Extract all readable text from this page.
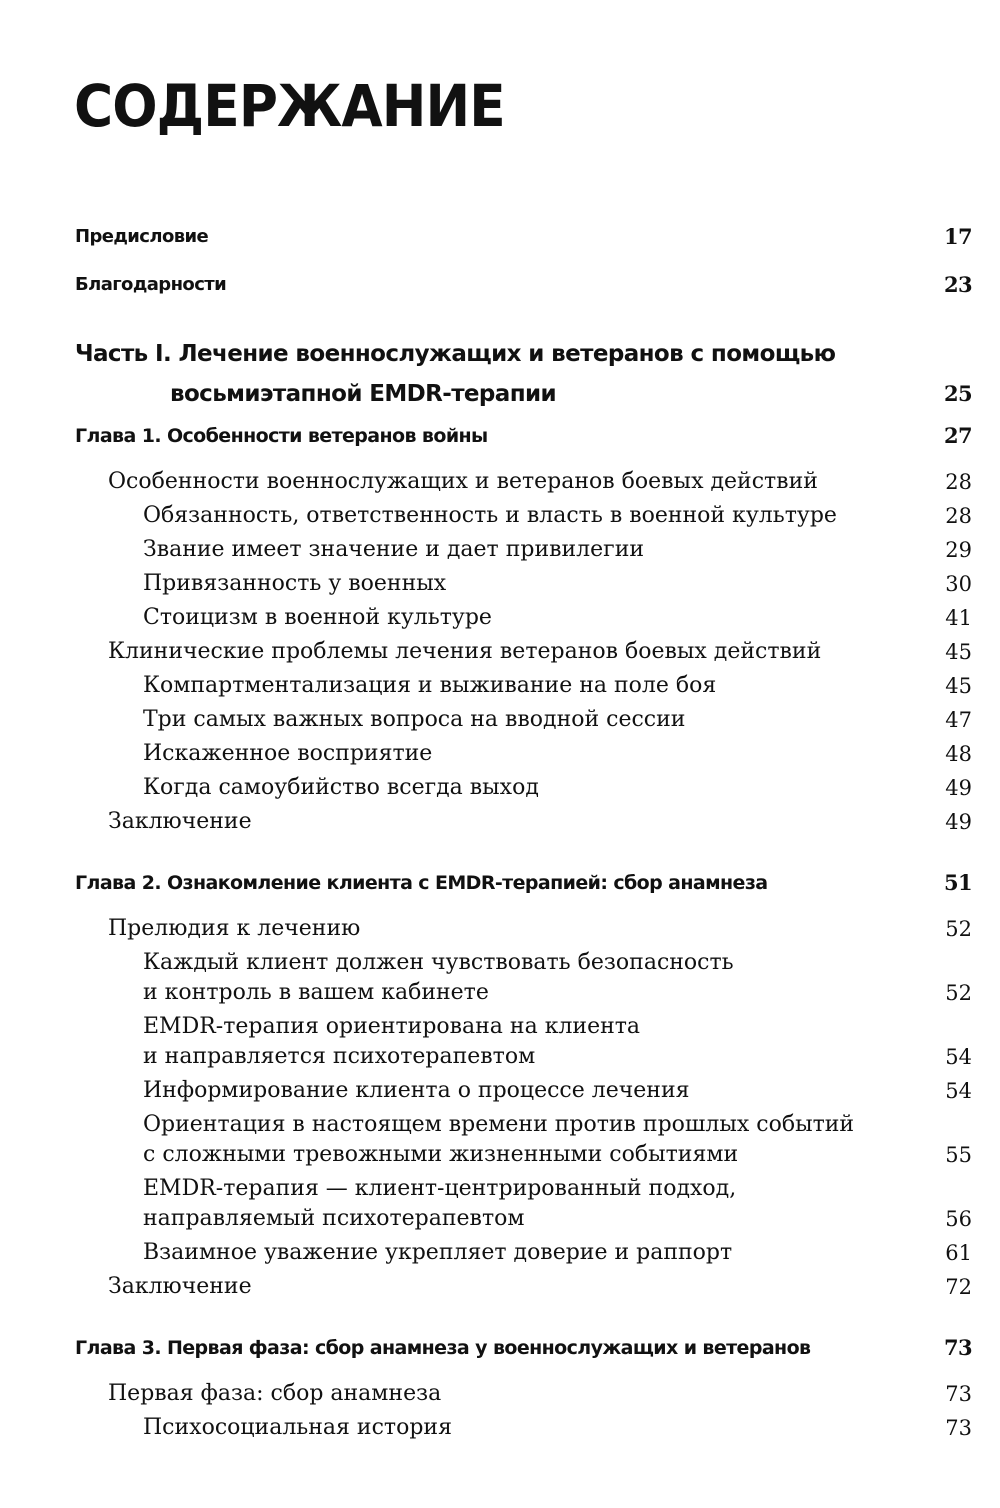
СОДЕРЖАНИЕ
Предисловие	17
Благодарности	23
Часть I. Лечение военнослужащих и ветеранов с помощью
восьмиэтапной EMDR-терапии	25
Глава 1. Особенности ветеранов войны	27
Особенности военнослужащих и ветеранов боевых действий	28
Обязанность, ответственность и власть в военной культуре	28
Звание имеет значение и дает привилегии	29
Привязанность у военных	30
Стоицизм в военной культуре	41
Клинические проблемы лечения ветеранов боевых действий	45
Компартментализация и выживание на поле боя	45
Три самых важных вопроса на вводной сессии	47
Искаженное восприятие	48
Когда самоубийство всегда выход	49
Заключение	49
Глава 2. Ознакомление клиента с EMDR-терапией: сбор анамнеза	51
Прелюдия к лечению	52
Каждый клиент должен чувствовать безопасность
и контроль в вашем кабинете	52
EMDR-терапия ориентирована на клиента
и направляется психотерапевтом	54
Информирование клиента о процессе лечения	54
Ориентация в настоящем времени против прошлых событий
с сложными тревожными жизненными событиями	55
EMDR-терапия — клиент-центрированный подход,
направляемый психотерапевтом	56
Взаимное уважение укрепляет доверие и раппорт	61
Заключение	72
Глава 3. Первая фаза: сбор анамнеза у военнослужащих и ветеранов	73
Первая фаза: сбор анамнеза	73
Психосоциальная история	73
